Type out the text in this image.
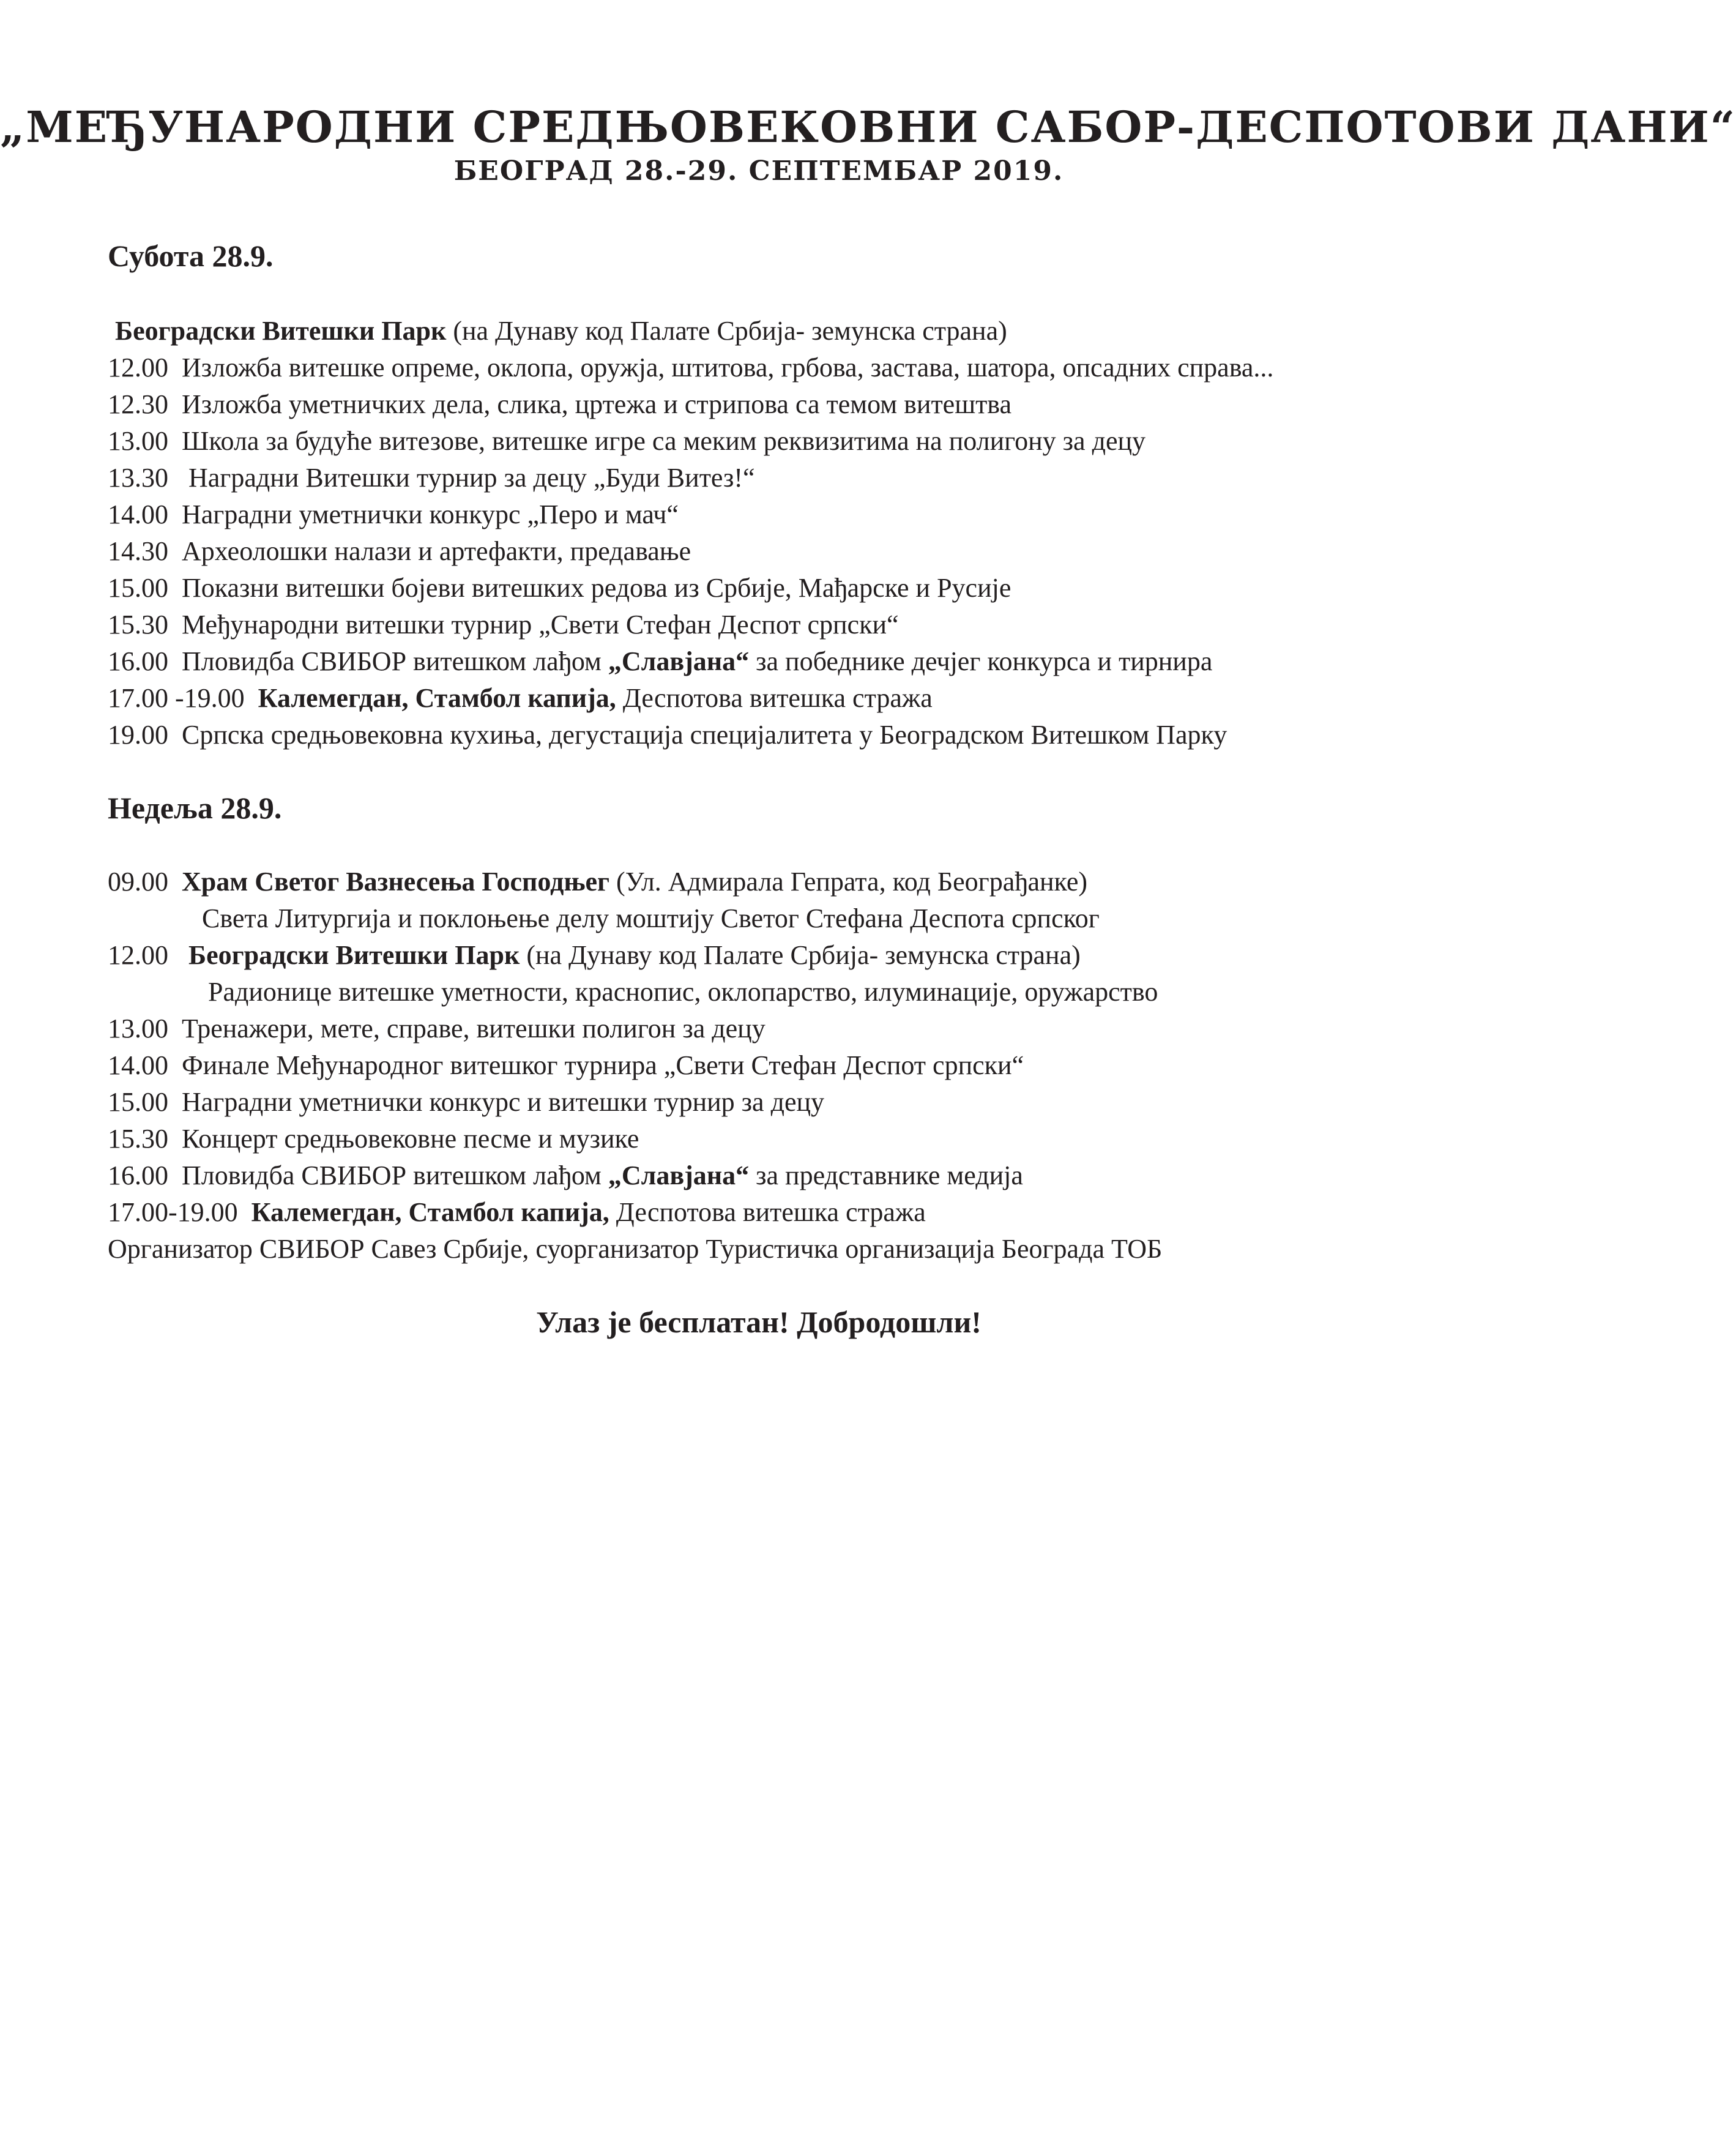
„МЕЂУНАРОДНИ СРЕДЊОВЕКОВНИ САБОР-ДЕСПОТОВИ ДАНИ“
БЕОГРАД 28.-29. СЕПТЕМБАР 2019.
Субота 28.9.
Београдски Витешки Парк (на Дунаву код Палате Србија- земунска страна)
12.00 Изложба витешке опреме, оклопа, оружја, штитова, грбова, застава, шатора, опсадних справа...
12.30 Изложба уметничких дела, слика, цртежа и стрипова са темом витештва
13.00 Школа за будуће витезове, витешке игре са меким реквизитима на полигону за децу
13.30 Наградни Витешки турнир за децу „Буди Витез!“
14.00 Наградни уметнички конкурс „Перо и мач“
14.30 Археолошки налази и артефакти, предавање
15.00 Показни витешки бојеви витешких редова из Србије, Мађарске и Русије
15.30 Међународни витешки турнир „Свети Стефан Деспот српски“
16.00 Пловидба СВИБОР витешком лађом „Славјана“ за победнике дечјег конкурса и тирнира
17.00 -19.00 Калемегдан, Стамбол капија, Деспотова витешка стража
19.00 Српска средњовековна кухиња, дегустација специјалитета у Београдском Витешком Парку
Недеља 28.9.
09.00 Храм Светог Вазнесења Господњег (Ул. Адмирала Гепрата, код Београђанке)
Света Литургија и поклоњење делу моштију Светог Стефана Деспота српског
12.00 Београдски Витешки Парк (на Дунаву код Палате Србија- земунска страна)
Радионице витешке уметности, краснопис, оклопарство, илуминације, оружарство
13.00 Тренажери, мете, справе, витешки полигон за децу
14.00 Финале Међународног витешког турнира „Свети Стефан Деспот српски“
15.00 Наградни уметнички конкурс и витешки турнир за децу
15.30 Концерт средњовековне песме и музике
16.00 Пловидба СВИБОР витешком лађом „Славјана“ за представнике медија
17.00-19.00 Калемегдан, Стамбол капија, Деспотова витешка стража
Организатор СВИБОР Савез Србије, суорганизатор Туристичка организација Београда ТОБ
Улаз је бесплатан! Добродошли!
